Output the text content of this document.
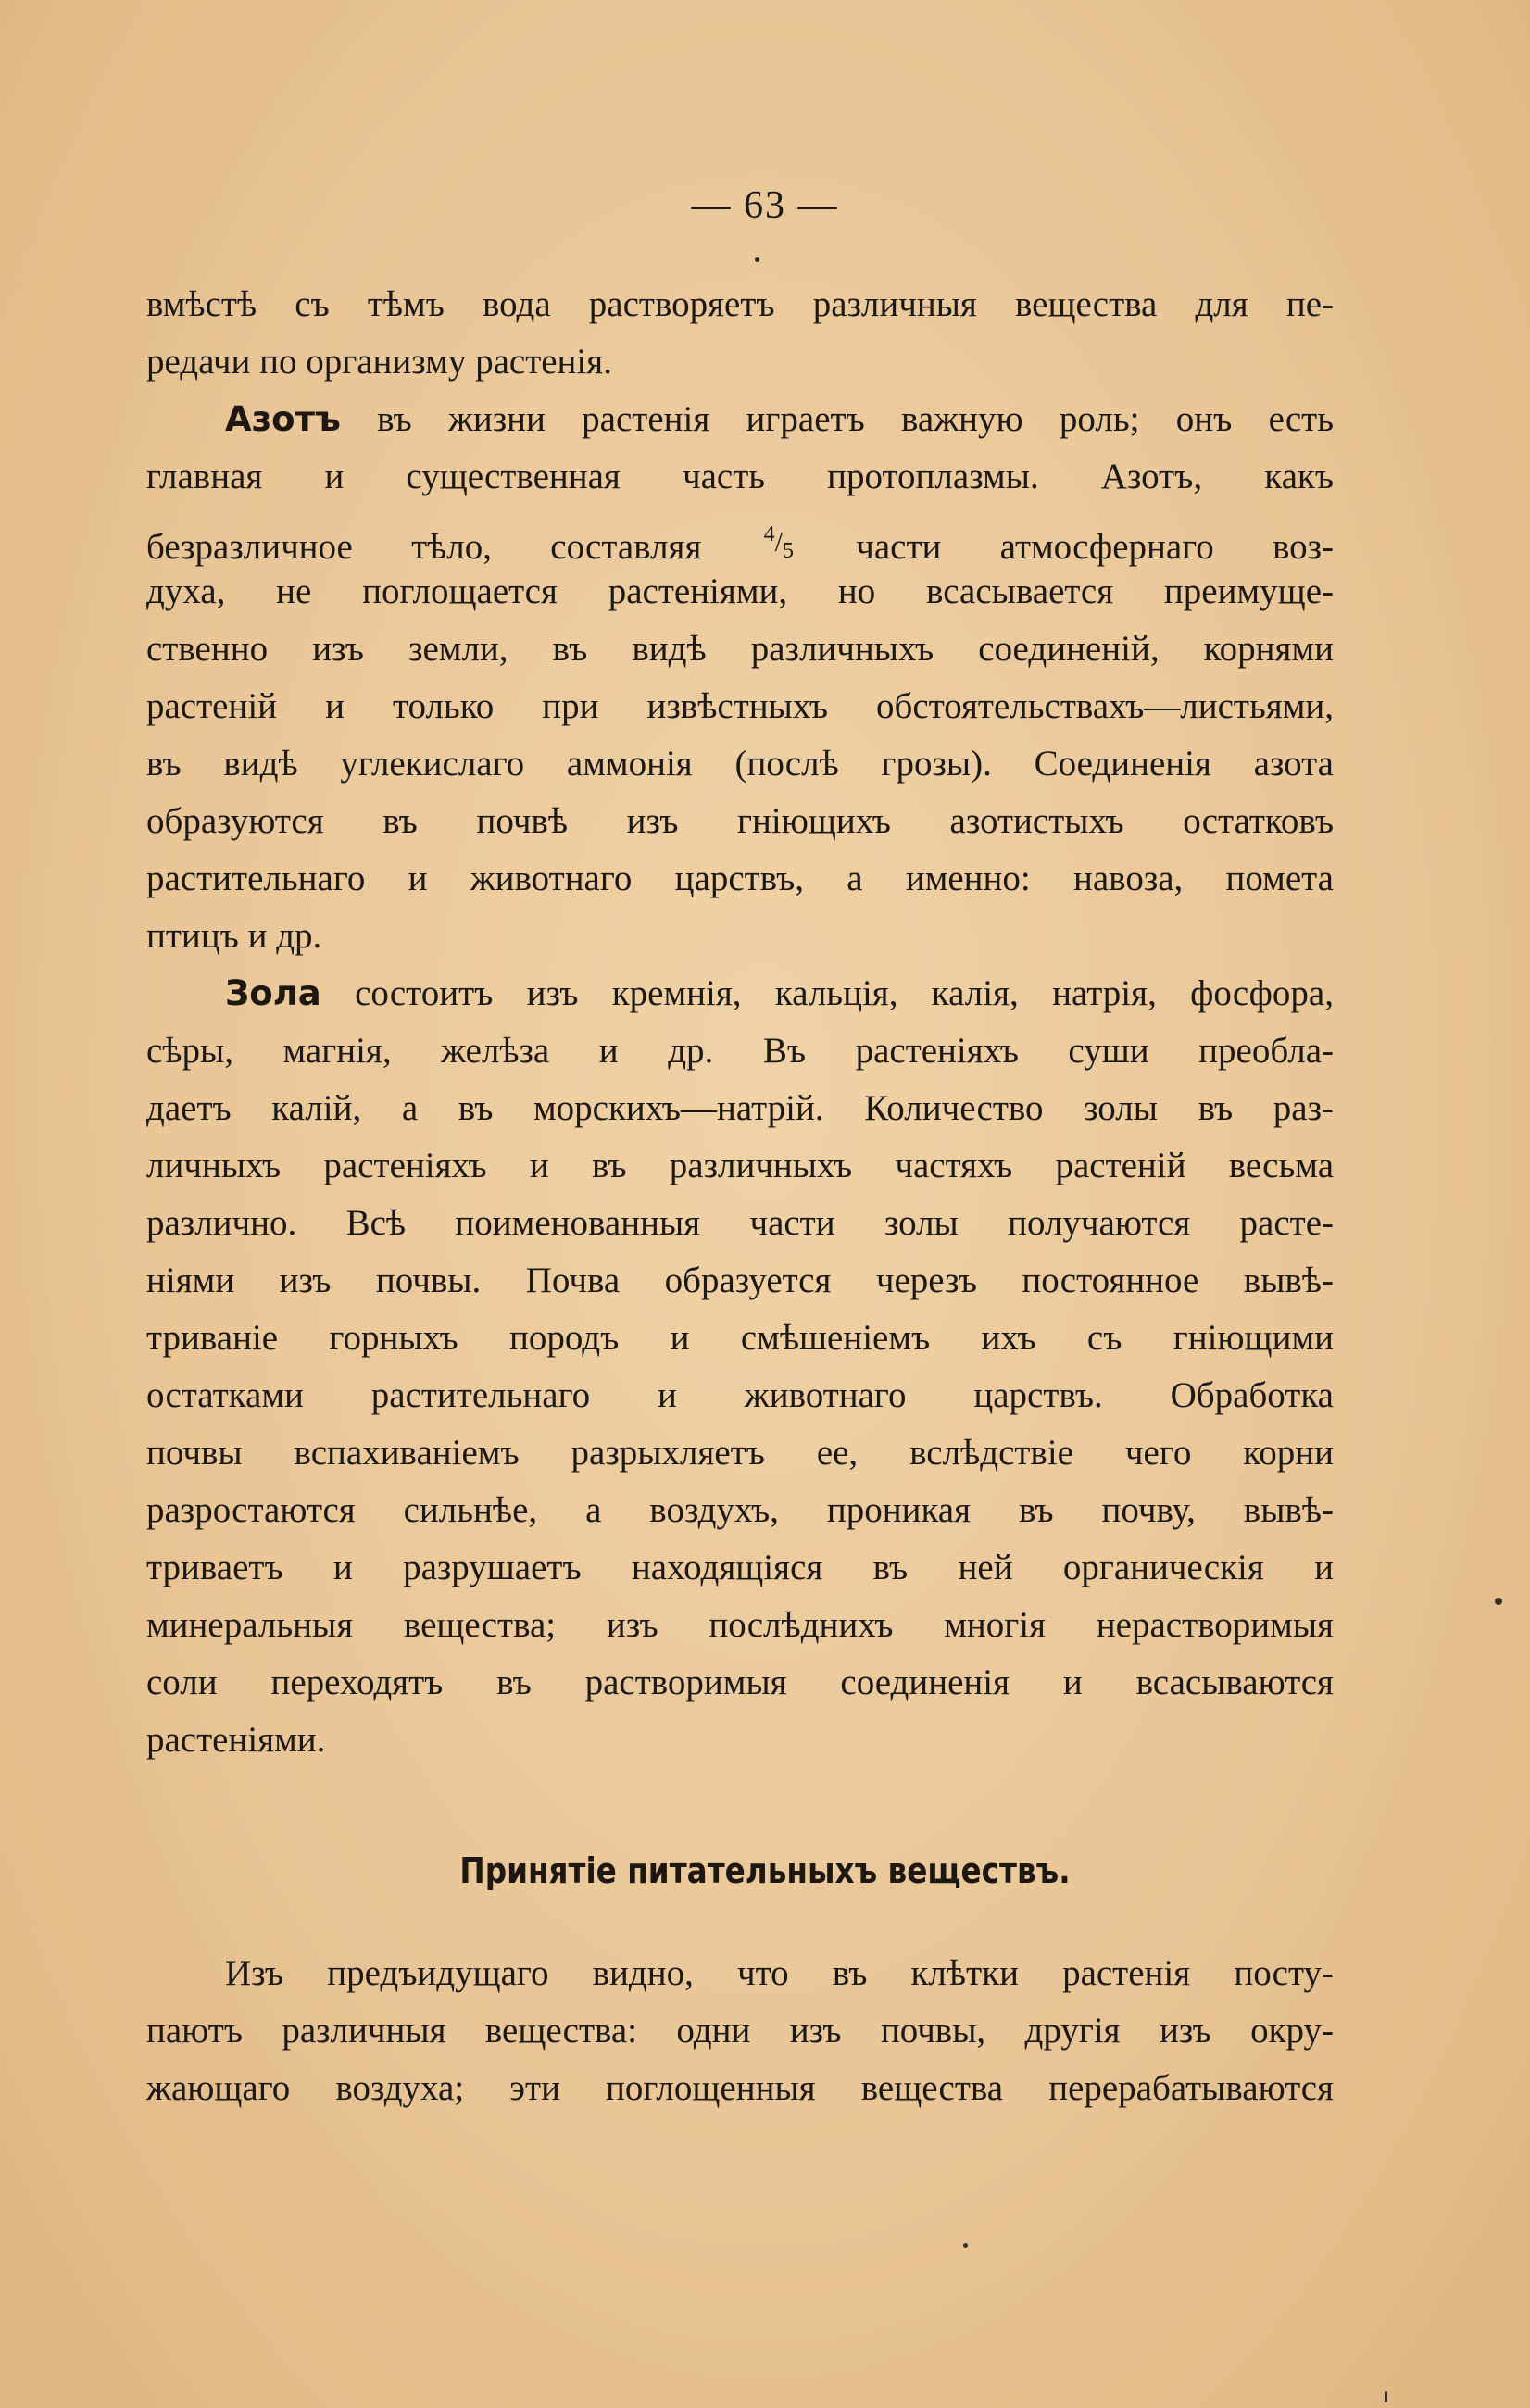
— 63 —
вмѣстѣ съ тѣмъ вода растворяетъ различныя вещества для пе-
редачи по организму растенія.
Азотъ въ жизни растенія играетъ важную роль; онъ есть
главная и существенная часть протоплазмы. Азотъ, какъ
безразличное тѣло, составляя $^4/_5$ части атмосфернаго воз-
духа, не поглощается растеніями, но всасывается преимуще-
ственно изъ земли, въ видѣ различныхъ соединеній, корнями
растеній и только при извѣстныхъ обстоятельствахъ—листьями,
въ видѣ углекислаго аммонія (послѣ грозы). Соединенія азота
образуются въ почвѣ изъ гніющихъ азотистыхъ остатковъ
растительнаго и животнаго царствъ, а именно: навоза, помета
птицъ и др.
Зола состоитъ изъ кремнія, кальція, калія, натрія, фосфора,
сѣры, магнія, желѣза и др. Въ растеніяхъ суши преобла-
даетъ калій, а въ морскихъ—натрій. Количество золы въ раз-
личныхъ растеніяхъ и въ различныхъ частяхъ растеній весьма
различно. Всѣ поименованныя части золы получаются расте-
ніями изъ почвы. Почва образуется черезъ постоянное вывѣ-
триваніе горныхъ породъ и смѣшеніемъ ихъ съ гніющими
остатками растительнаго и животнаго царствъ. Обработка
почвы вспахиваніемъ разрыхляетъ ее, вслѣдствіе чего корни
разростаются сильнѣе, а воздухъ, проникая въ почву, вывѣ-
триваетъ и разрушаетъ находящіяся въ ней органическія и
минеральныя вещества; изъ послѣднихъ многія нерастворимыя
соли переходятъ въ растворимыя соединенія и всасываются
растеніями.
Принятіе питательныхъ веществъ.
Изъ предъидущаго видно, что въ клѣтки растенія посту-
паютъ различныя вещества: одни изъ почвы, другія изъ окру-
жающаго воздуха; эти поглощенныя вещества перерабатываются
